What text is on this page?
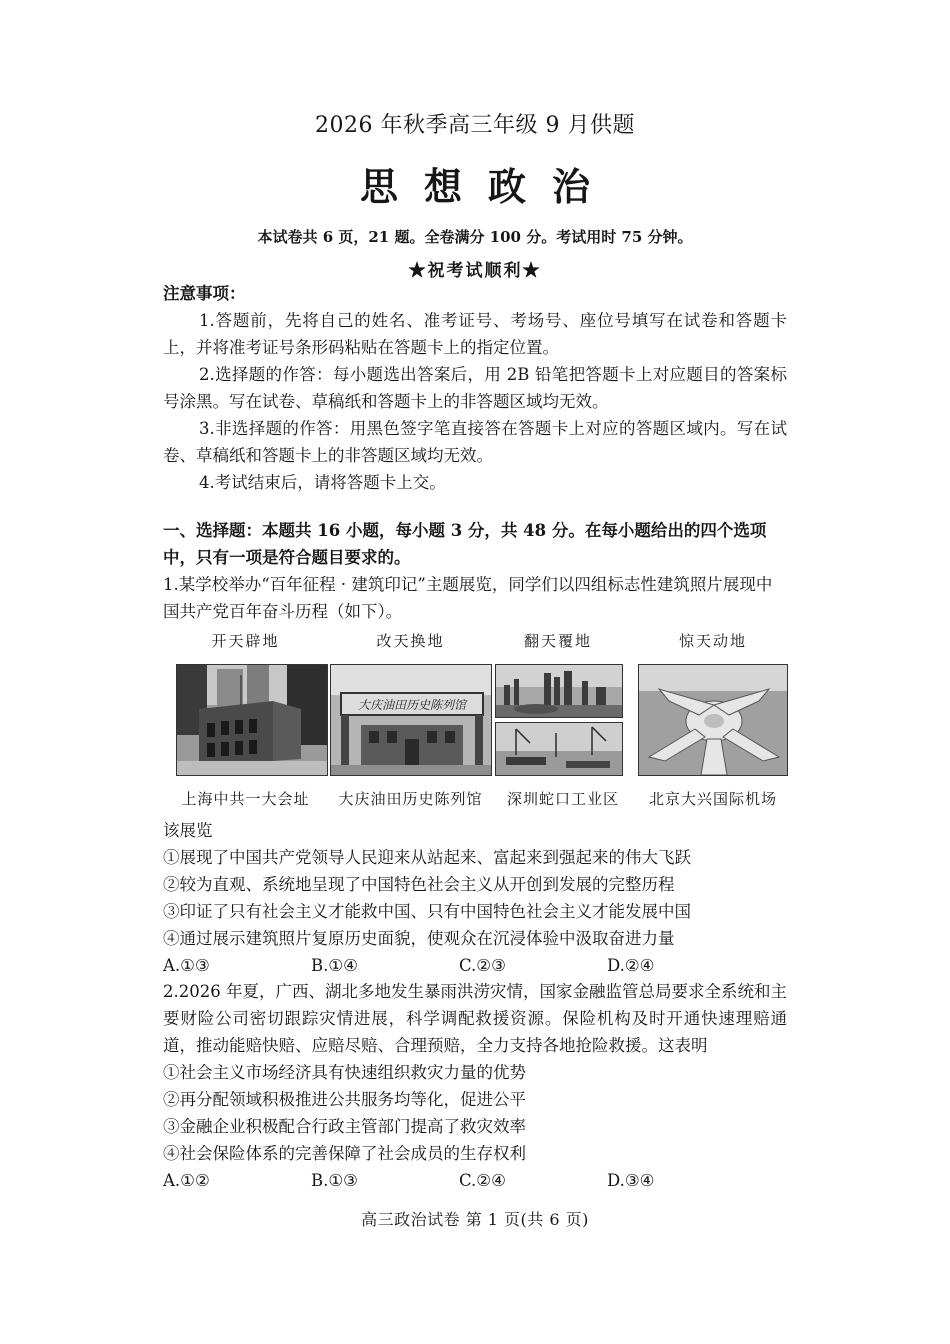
2026 年秋季高三年级 9 月供题
思想政治
本试卷共 6 页，21 题。全卷满分 100 分。考试用时 75 分钟。
★祝考试顺利★
注意事项：

1.答题前，先将自己的姓名、准考证号、考场号、座位号填写在试卷和答题卡上，并将准考证号条形码粘贴在答题卡上的指定位置。

2.选择题的作答：每小题选出答案后，用 2B 铅笔把答题卡上对应题目的答案标号涂黑。写在试卷、草稿纸和答题卡上的非答题区域均无效。

3.非选择题的作答：用黑色签字笔直接答在答题卡上对应的答题区域内。写在试卷、草稿纸和答题卡上的非答题区域均无效。

4.考试结束后，请将答题卡上交。

一、选择题：本题共 16 小题，每小题 3 分，共 48 分。在每小题给出的四个选项中，只有一项是符合题目要求的。

1.某学校举办“百年征程 · 建筑印记”主题展览，同学们以四组标志性建筑照片展现中国共产党百年奋斗历程（如下）。

开天辟地	改天换地	翻天覆地	惊天动地
大庆油田历史陈列馆
上海中共一大会址	大庆油田历史陈列馆	深圳蛇口工业区	北京大兴国际机场

该展览

①展现了中国共产党领导人民迎来从站起来、富起来到强起来的伟大飞跃

②较为直观、系统地呈现了中国特色社会主义从开创到发展的完整历程

③印证了只有社会主义才能救中国、只有中国特色社会主义才能发展中国

④通过展示建筑照片复原历史面貌，使观众在沉浸体验中汲取奋进力量

A.①③	B.①④	C.②③	D.②④

2.2026 年夏，广西、湖北多地发生暴雨洪涝灾情，国家金融监管总局要求全系统和主要财险公司密切跟踪灾情进展，科学调配救援资源。保险机构及时开通快速理赔通道，推动能赔快赔、应赔尽赔、合理预赔，全力支持各地抢险救援。这表明

①社会主义市场经济具有快速组织救灾力量的优势

②再分配领域积极推进公共服务均等化，促进公平

③金融企业积极配合行政主管部门提高了救灾效率

④社会保险体系的完善保障了社会成员的生存权利

A.①②	B.①③	C.②④	D.③④

高三政治试卷 第 1 页(共 6 页)
